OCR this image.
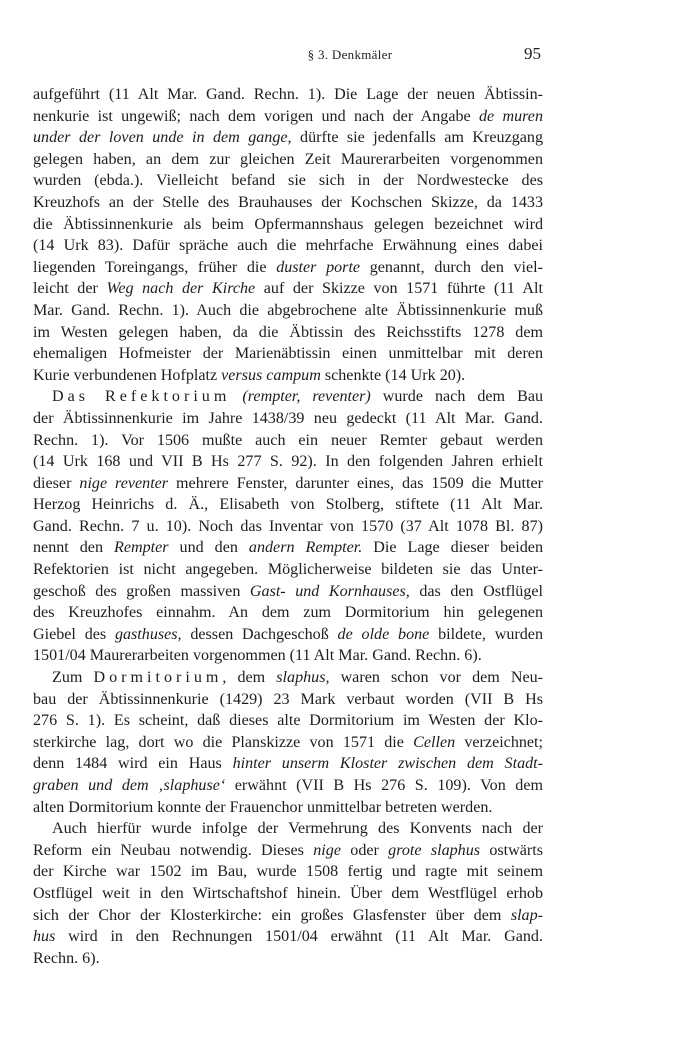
§ 3. Denkmäler	95
aufgeführt (11 Alt Mar. Gand. Rechn. 1). Die Lage der neuen Äbtissin-
nenkurie ist ungewiß; nach dem vorigen und nach der Angabe de muren
under der loven unde in dem gange, dürfte sie jedenfalls am Kreuzgang
gelegen haben, an dem zur gleichen Zeit Maurerarbeiten vorgenommen
wurden (ebda.). Vielleicht befand sie sich in der Nordwestecke des
Kreuzhofs an der Stelle des Brauhauses der Kochschen Skizze, da 1433
die Äbtissinnenkurie als beim Opfermannshaus gelegen bezeichnet wird
(14 Urk 83). Dafür spräche auch die mehrfache Erwähnung eines dabei
liegenden Toreingangs, früher die duster porte genannt, durch den viel-
leicht der Weg nach der Kirche auf der Skizze von 1571 führte (11 Alt
Mar. Gand. Rechn. 1). Auch die abgebrochene alte Äbtissinnenkurie muß
im Westen gelegen haben, da die Äbtissin des Reichsstifts 1278 dem
ehemaligen Hofmeister der Marienäbtissin einen unmittelbar mit deren
Kurie verbundenen Hofplatz versus campum schenkte (14 Urk 20).
Das Refektorium (rempter, reventer) wurde nach dem Bau
der Äbtissinnenkurie im Jahre 1438/39 neu gedeckt (11 Alt Mar. Gand.
Rechn. 1). Vor 1506 mußte auch ein neuer Remter gebaut werden
(14 Urk 168 und VII B Hs 277 S. 92). In den folgenden Jahren erhielt
dieser nige reventer mehrere Fenster, darunter eines, das 1509 die Mutter
Herzog Heinrichs d. Ä., Elisabeth von Stolberg, stiftete (11 Alt Mar.
Gand. Rechn. 7 u. 10). Noch das Inventar von 1570 (37 Alt 1078 Bl. 87)
nennt den Rempter und den andern Rempter. Die Lage dieser beiden
Refektorien ist nicht angegeben. Möglicherweise bildeten sie das Unter-
geschoß des großen massiven Gast- und Kornhauses, das den Ostflügel
des Kreuzhofes einnahm. An dem zum Dormitorium hin gelegenen
Giebel des gasthuses, dessen Dachgeschoß de olde bone bildete, wurden
1501/04 Maurerarbeiten vorgenommen (11 Alt Mar. Gand. Rechn. 6).
Zum Dormitorium, dem slaphus, waren schon vor dem Neu-
bau der Äbtissinnenkurie (1429) 23 Mark verbaut worden (VII B Hs
276 S. 1). Es scheint, daß dieses alte Dormitorium im Westen der Klo-
sterkirche lag, dort wo die Planskizze von 1571 die Cellen verzeichnet;
denn 1484 wird ein Haus hinter unserm Kloster zwischen dem Stadt-
graben und dem ‚slaphuse‘ erwähnt (VII B Hs 276 S. 109). Von dem
alten Dormitorium konnte der Frauenchor unmittelbar betreten werden.
Auch hierfür wurde infolge der Vermehrung des Konvents nach der
Reform ein Neubau notwendig. Dieses nige oder grote slaphus ostwärts
der Kirche war 1502 im Bau, wurde 1508 fertig und ragte mit seinem
Ostflügel weit in den Wirtschaftshof hinein. Über dem Westflügel erhob
sich der Chor der Klosterkirche: ein großes Glasfenster über dem slap-
hus wird in den Rechnungen 1501/04 erwähnt (11 Alt Mar. Gand.
Rechn. 6).
